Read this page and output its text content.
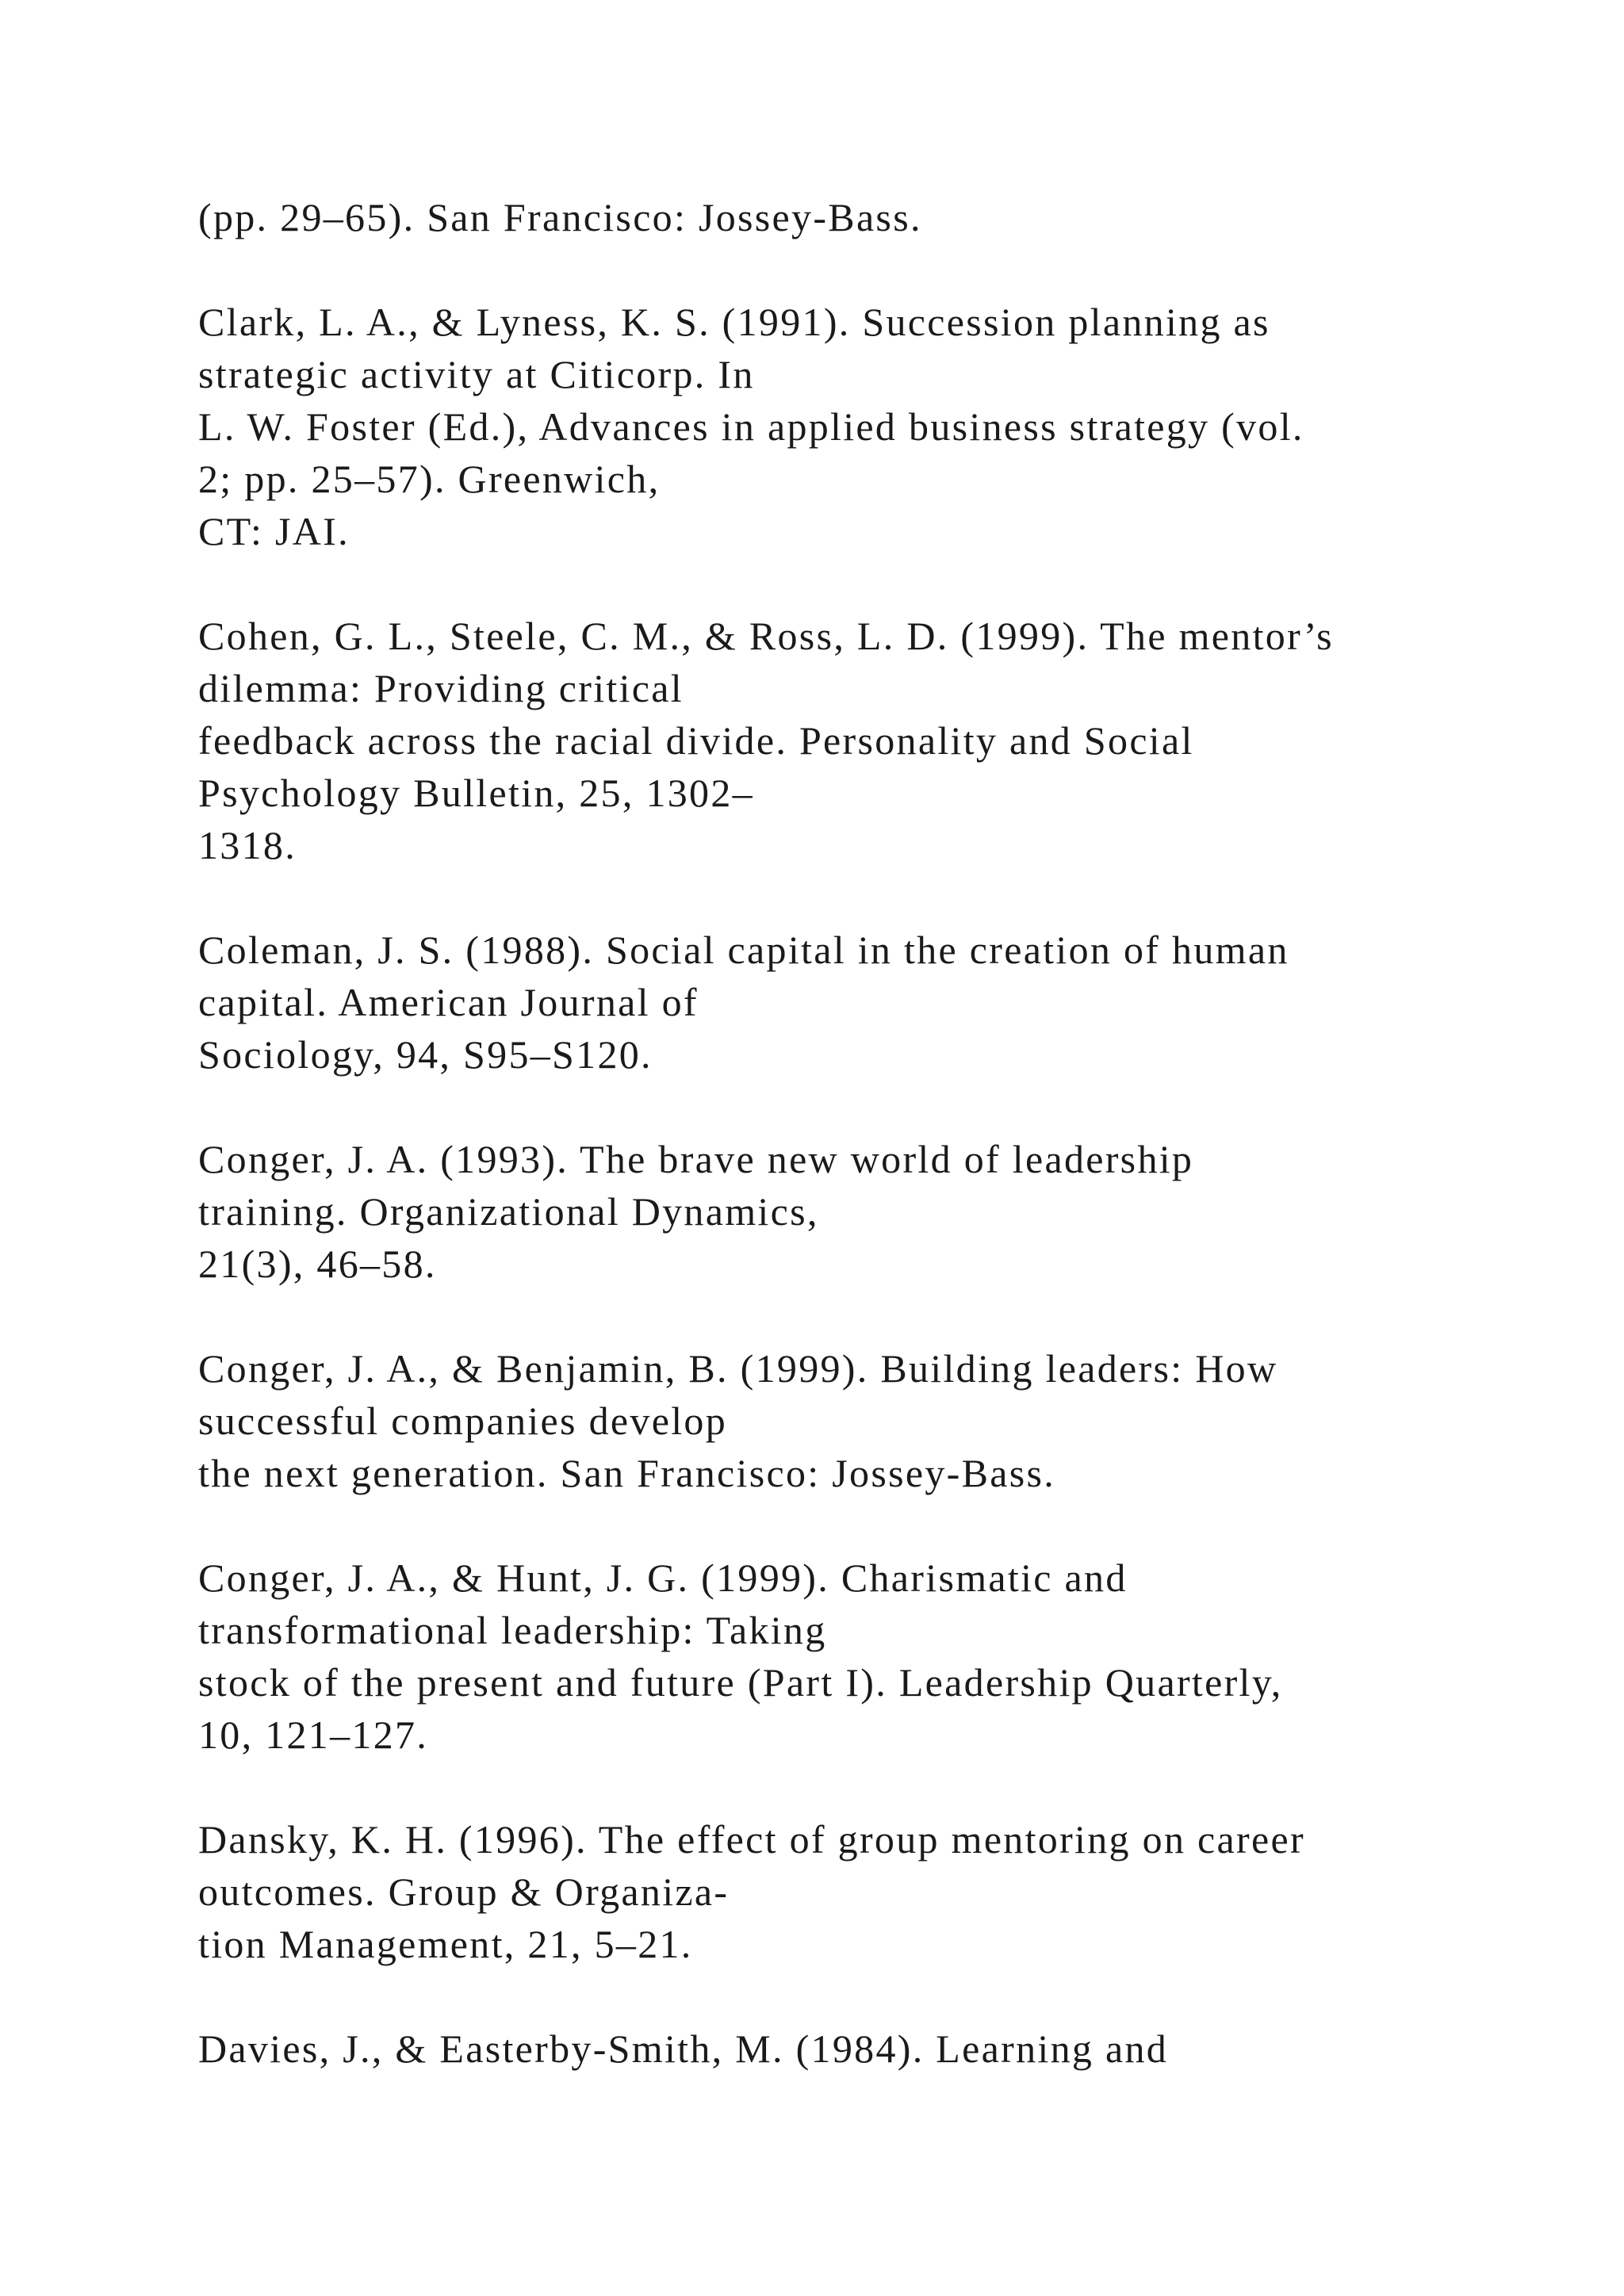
(pp. 29–65). San Francisco: Jossey-Bass.
Clark, L. A., & Lyness, K. S. (1991). Succession planning as
strategic activity at Citicorp. In
L. W. Foster (Ed.), Advances in applied business strategy (vol.
2; pp. 25–57). Greenwich,
CT: JAI.
Cohen, G. L., Steele, C. M., & Ross, L. D. (1999). The mentor’s
dilemma: Providing critical
feedback across the racial divide. Personality and Social
Psychology Bulletin, 25, 1302–
1318.
Coleman, J. S. (1988). Social capital in the creation of human
capital. American Journal of
Sociology, 94, S95–S120.
Conger, J. A. (1993). The brave new world of leadership
training. Organizational Dynamics,
21(3), 46–58.
Conger, J. A., & Benjamin, B. (1999). Building leaders: How
successful companies develop
the next generation. San Francisco: Jossey-Bass.
Conger, J. A., & Hunt, J. G. (1999). Charismatic and
transformational leadership: Taking
stock of the present and future (Part I). Leadership Quarterly,
10, 121–127.
Dansky, K. H. (1996). The effect of group mentoring on career
outcomes. Group & Organiza-
tion Management, 21, 5–21.
Davies, J., & Easterby-Smith, M. (1984). Learning and
